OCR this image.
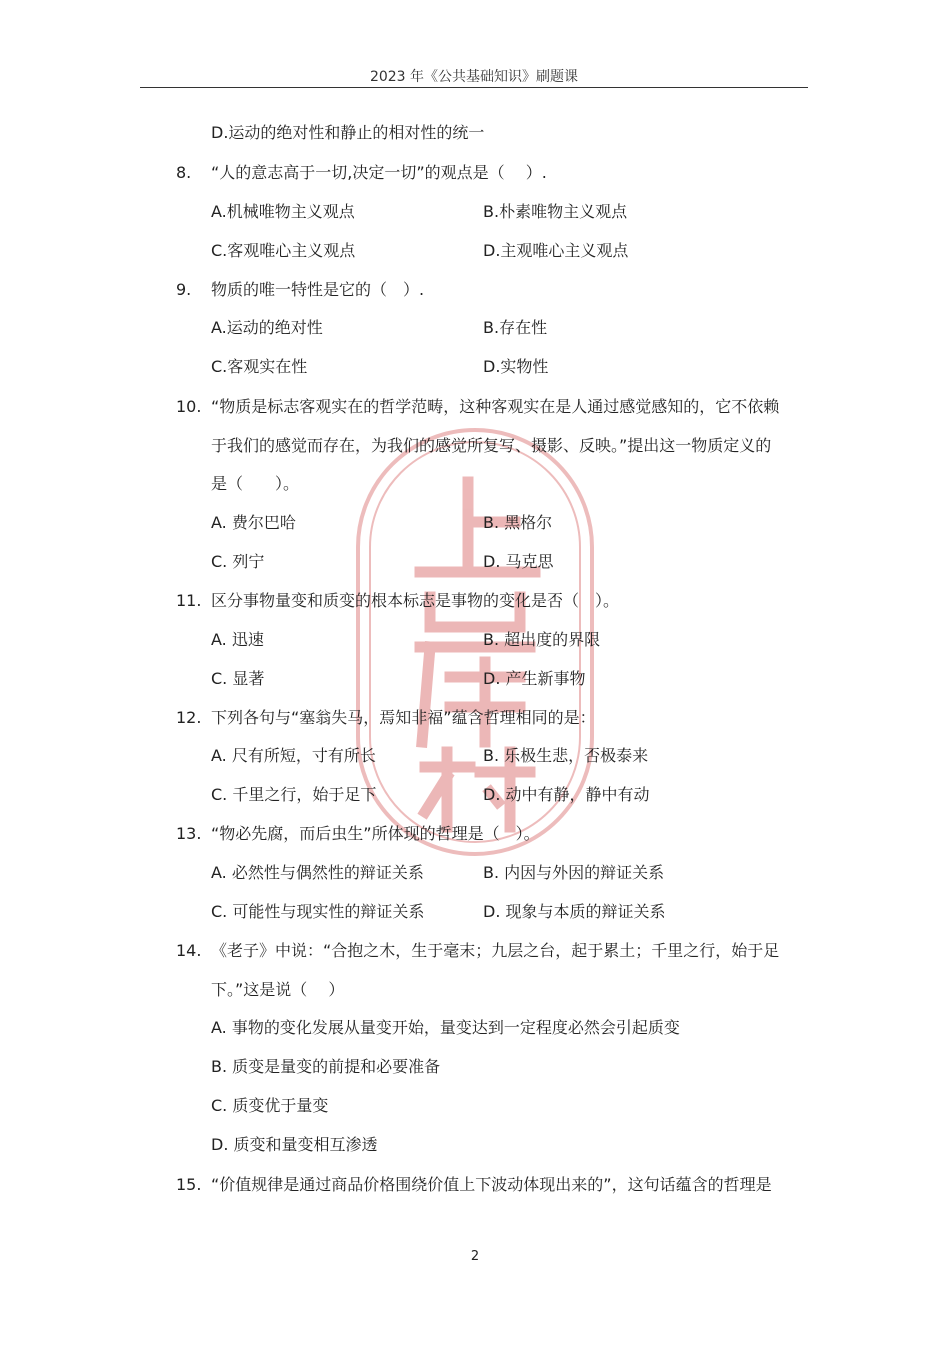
2023 年《公共基础知识》刷题课
D.运动的绝对性和静止的相对性的统一
8. “人的意志高于一切,决定一切”的观点是（　 ）.
A.机械唯物主义观点	B.朴素唯物主义观点
C.客观唯心主义观点	D.主观唯心主义观点
9. 物质的唯一特性是它的（　）.
A.运动的绝对性	B.存在性
C.客观实在性	D.实物性
10. “物质是标志客观实在的哲学范畴，这种客观实在是人通过感觉感知的，它不依赖
于我们的感觉而存在，为我们的感觉所复写、摄影、反映。”提出这一物质定义的
是（　　）。
A. 费尔巴哈	B. 黑格尔
C. 列宁	D. 马克思
11. 区分事物量变和质变的根本标志是事物的变化是否（　）。
A. 迅速	B. 超出度的界限
C. 显著	D. 产生新事物
12. 下列各句与“塞翁失马，焉知非福”蕴含哲理相同的是：
A. 尺有所短，寸有所长	B. 乐极生悲，否极泰来
C. 千里之行，始于足下	D. 动中有静，静中有动
13. “物必先腐，而后虫生”所体现的哲理是（　）。
A. 必然性与偶然性的辩证关系	B. 内因与外因的辩证关系
C. 可能性与现实性的辩证关系	D. 现象与本质的辩证关系
14. 《老子》中说：“合抱之木，生于毫末；九层之台，起于累土；千里之行，始于足
下。”这是说（　 ）
A. 事物的变化发展从量变开始，量变达到一定程度必然会引起质变
B. 质变是量变的前提和必要准备
C. 质变优于量变
D. 质变和量变相互渗透
15. “价值规律是通过商品价格围绕价值上下波动体现出来的”，这句话蕴含的哲理是
2
